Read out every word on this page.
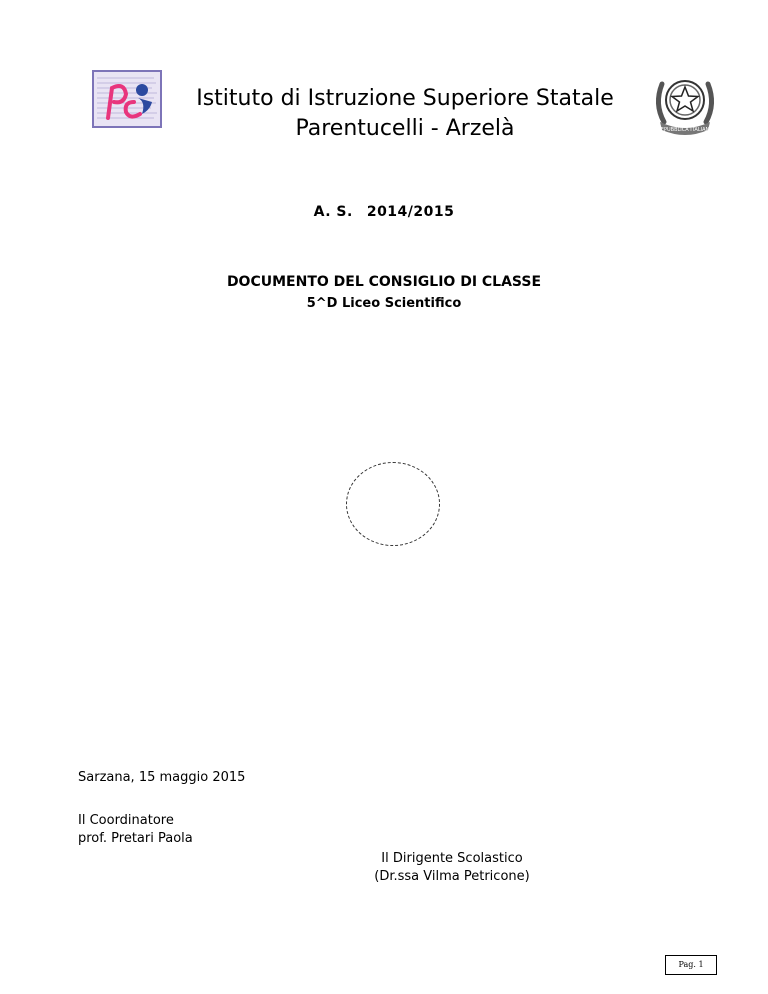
Istituto di Istruzione Superiore Statale
Parentucelli - Arzelà	REPUBBLICA ITALIANA
A. S. 2014/2015
DOCUMENTO DEL CONSIGLIO DI CLASSE
5^D Liceo Scientifico
Sarzana, 15 maggio 2015
Il Coordinatore
prof. Pretari Paola
Il Dirigente Scolastico
(Dr.ssa Vilma Petricone)
Pag. 1
